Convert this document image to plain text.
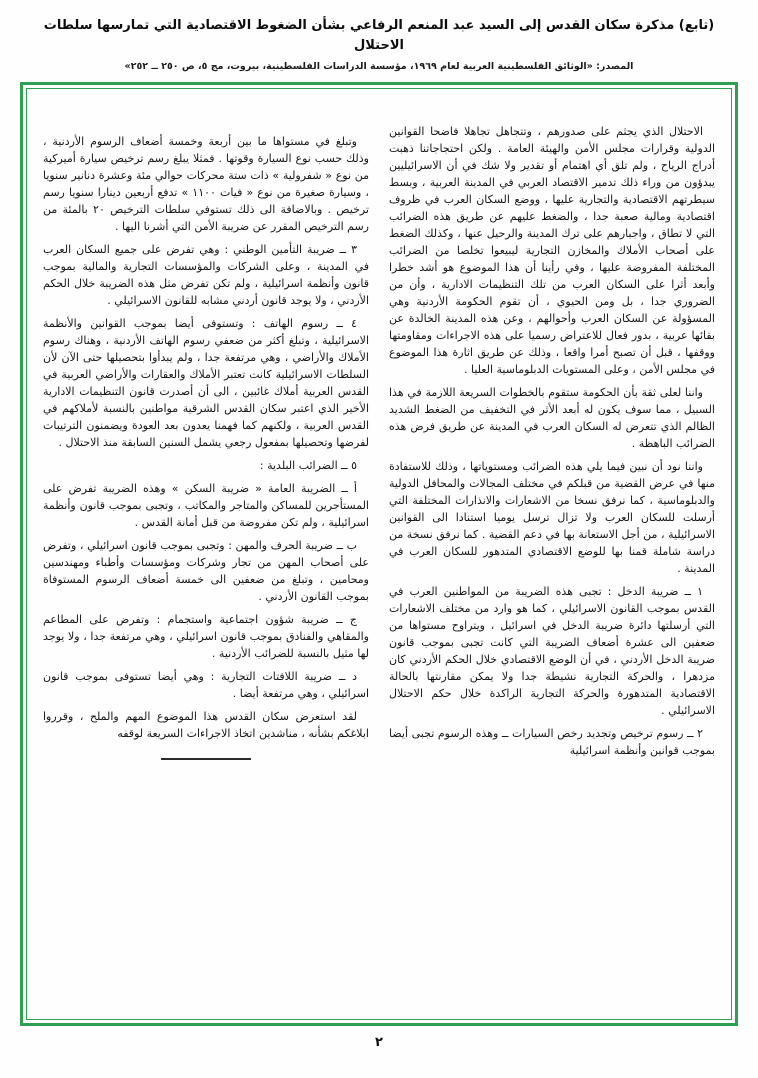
(تابع) مذكرة سكان القدس إلى السيد عبد المنعم الرفاعي بشأن الضغوط الاقتصادية التي تمارسها سلطات الاحتلال
المصدر: «الوثائق الفلسطينية العربية لعام ١٩٦٩، مؤسسة الدراسات الفلسطينية، بيروت، مج ٥، ص ٢٥٠ ــ ٢٥٢»

الاحتلال الذي يجثم على صدورهم ، وتتجاهل تجاهلا فاضحا القوانين الدولية وقرارات مجلس الأمن والهيئة العامة . ولكن احتجاجاتنا ذهبت أدراج الرياح ، ولم تلق أي اهتمام أو تقدير ولا شك في أن الاسرائيليين يبدؤون من وراء ذلك تدمير الاقتصاد العربي في المدينة العربية ، وبسط سيطرتهم الاقتصادية والتجارية عليها ، ووضع السكان العرب في ظروف اقتصادية ومالية صعبة جدا ، والضغط عليهم عن طريق هذه الضرائب التي لا تطاق ، واجبارهم على ترك المدينة والرحيل عنها ، وكذلك الضغط على أصحاب الأملاك والمخازن التجارية ليبيعوا تخلصا من الضرائب المختلفة المفروضة عليها ، وفي رأينا أن هذا الموضوع هو أشد خطرا وأبعد أثرا على السكان العرب من تلك التنظيمات الادارية ، وأن من الضروري جدا ، بل ومن الحيوي ، أن تقوم الحكومة الأردنية وهي المسؤولة عن السكان العرب وأحوالهم ، وعن هذه المدينة الخالدة عن بقائها عربية ، بدور فعال للاعتراض رسميا على هذه الاجراءات ومقاومتها ووقفها ، قبل أن تصبح أمرا واقعا ، وذلك عن طريق اثارة هذا الموضوع في مجلس الأمن ، وعلى المستويات الدبلوماسية العليا .

واننا لعلى ثقة بأن الحكومة ستقوم بالخطوات السريعة اللازمة في هذا السبيل ، مما سوف يكون له أبعد الأثر في التخفيف من الضغط الشديد الظالم الذي تتعرض له السكان العرب في المدينة عن طريق فرض هذه الضرائب الباهظة .

واننا نود أن نبين فيما يلي هذه الضرائب ومستوياتها ، وذلك للاستفادة منها في عرض القضية من قبلكم في مختلف المجالات والمحافل الدولية والدبلوماسية ، كما نرفق نسخا من الاشعارات والانذارات المختلفة التي أرسلت للسكان العرب ولا تزال ترسل يوميا استنادا الى القوانين الاسرائيلية ، من أجل الاستعانة بها في دعم القضية . كما نرفق نسخة من دراسة شاملة قمنا بها للوضع الاقتصادي المتدهور للسكان العرب في المدينة .

١ ــ ضريبة الدخل : تجبى هذه الضريبة من المواطنين العرب في القدس بموجب القانون الاسرائيلي ، كما هو وارد من مختلف الاشعارات التي أرسلتها دائرة ضريبة الدخل في اسرائيل ، ويتراوح مستواها من ضعفين الى عشرة أضعاف الضريبة التي كانت تجبى بموجب قانون ضريبة الدخل الأردني ، في أن الوضع الاقتصادي خلال الحكم الأردني كان مزدهرا ، والحركة التجارية نشيطة جدا ولا يمكن مقارنتها بالحالة الاقتصادية المتدهورة والحركة التجارية الراكدة خلال حكم الاحتلال الاسرائيلي .

٢ ــ رسوم ترخيص وتجديد رخص السيارات ــ وهذه الرسوم تجبى أيضا بموجب قوانين وأنظمة اسرائيلية

وتبلغ في مستواها ما بين أربعة وخمسة أضعاف الرسوم الأردنية ، وذلك حسب نوع السيارة وقوتها . فمثلا يبلغ رسم ترخيص سيارة أميركية من نوع « شفرولية » ذات ستة محركات حوالي مئة وعشرة دنانير سنويا ، وسيارة صغيرة من نوع « فيات ١١٠٠ » تدفع أربعين دينارا سنويا رسم ترخيص . وبالاضافة الى ذلك تستوفي سلطات الترخيص ٢٠ بالمئة من رسم الترخيص المقرر عن ضريبة الأمن التي أشرنا اليها .

٣ ــ ضريبة التأمين الوطني : وهي تفرض على جميع السكان العرب في المدينة ، وعلى الشركات والمؤسسات التجارية والمالية بموجب قانون وأنظمة اسرائيلية ، ولم تكن تفرض مثل هذه الضريبة خلال الحكم الأردني ، ولا يوجد قانون أردني مشابه للقانون الاسرائيلي .

٤ ــ رسوم الهاتف : وتستوفى أيضا بموجب القوانين والأنظمة الاسرائيلية ، وتبلغ أكثر من ضعفي رسوم الهاتف الأردنية ، وهناك رسوم الأملاك والأراضي ، وهي مرتفعة جدا ، ولم يبدأوا بتحصيلها حتى الآن لأن السلطات الاسرائيلية كانت تعتبر الأملاك والعقارات والأراضي العربية في القدس العربية أملاك غائبين ، الى أن أصدرت قانون التنظيمات الادارية الأخير الذي اعتبر سكان القدس الشرقية مواطنين بالنسبة لأملاكهم في القدس العربية ، ولكنهم كما فهمنا يعدون بعد العودة ويضمنون الترتيبات لفرضها وتحصيلها بمفعول رجعي يشمل السنين السابقة منذ الاحتلال .

٥ ــ الضرائب البلدية :

أ ــ الضريبة العامة « ضريبة السكن » وهذه الضريبة تفرض على المستأجرين للمساكن والمتاجر والمكاتب ، وتجبى بموجب قانون وأنظمة اسرائيلية ، ولم تكن مفروضة من قبل أمانة القدس .

ب ــ ضريبة الحرف والمهن : وتجبى بموجب قانون اسرائيلي ، وتفرض على أصحاب المهن من تجار وشركات ومؤسسات وأطباء ومهندسين ومحامين ، وتبلغ من ضعفين الى خمسة أضعاف الرسوم المستوفاة بموجب القانون الأردني .

ج ــ ضريبة شؤون اجتماعية واستجمام : وتفرض على المطاعم والمقاهي والفنادق بموجب قانون اسرائيلي ، وهي مرتفعة جدا ، ولا يوجد لها مثيل بالنسبة للضرائب الأردنية .

د ــ ضريبة اللافتات التجارية : وهي أيضا تستوفى بموجب قانون اسرائيلي ، وهي مرتفعة أيضا .

لقد استعرض سكان القدس هذا الموضوع المهم والملح ، وقرروا ابلاغكم بشأنه ، مناشدين اتخاذ الاجراءات السريعة لوقفه

٢
